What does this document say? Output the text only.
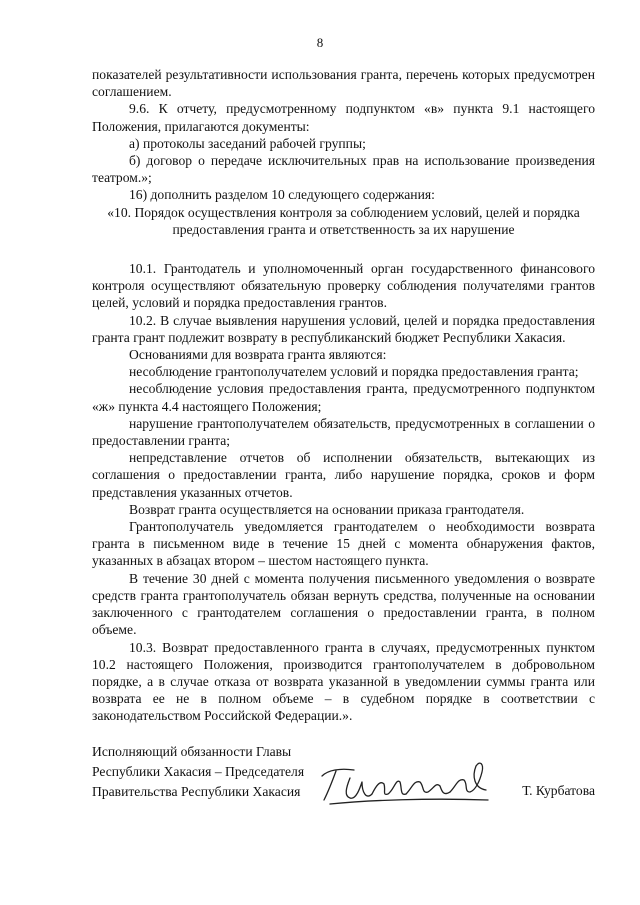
8

показателей результативности использования гранта, перечень которых предусмотрен соглашением.

9.6. К отчету, предусмотренному подпунктом «в» пункта 9.1 настоящего Положения, прилагаются документы:

а) протоколы заседаний рабочей группы;

б) договор о передаче исключительных прав на использование произведения театром.»;

16) дополнить разделом 10 следующего содержания:

«10. Порядок осуществления контроля за соблюдением условий, целей и порядка предоставления гранта и ответственность за их нарушение

10.1. Грантодатель и уполномоченный орган государственного финансового контроля осуществляют обязательную проверку соблюдения получателями грантов целей, условий и порядка предоставления грантов.

10.2. В случае выявления нарушения условий, целей и порядка предоставления гранта грант подлежит возврату в республиканский бюджет Республики Хакасия.

Основаниями для возврата гранта являются:

несоблюдение грантополучателем условий и порядка предоставления гранта;

несоблюдение условия предоставления гранта, предусмотренного подпунктом «ж» пункта 4.4 настоящего Положения;

нарушение грантополучателем обязательств, предусмотренных в соглашении о предоставлении гранта;

непредставление отчетов об исполнении обязательств, вытекающих из соглашения о предоставлении гранта, либо нарушение порядка, сроков и форм представления указанных отчетов.

Возврат гранта осуществляется на основании приказа грантодателя.

Грантополучатель уведомляется грантодателем о необходимости возврата гранта в письменном виде в течение 15 дней с момента обнаружения фактов, указанных в абзацах втором – шестом настоящего пункта.

В течение 30 дней с момента получения письменного уведомления о возврате средств гранта грантополучатель обязан вернуть средства, полученные на основании заключенного с грантодателем соглашения о предоставлении гранта, в полном объеме.

10.3. Возврат предоставленного гранта в случаях, предусмотренных пунктом 10.2 настоящего Положения, производится грантополучателем в добровольном порядке, а в случае отказа от возврата указанной в уведомлении суммы гранта или возврата ее не в полном объеме – в судебном порядке в соответствии с законодательством Российской Федерации.».

Исполняющий обязанности Главы
Республики Хакасия – Председателя
Правительства Республики Хакасия	Т. Курбатова
